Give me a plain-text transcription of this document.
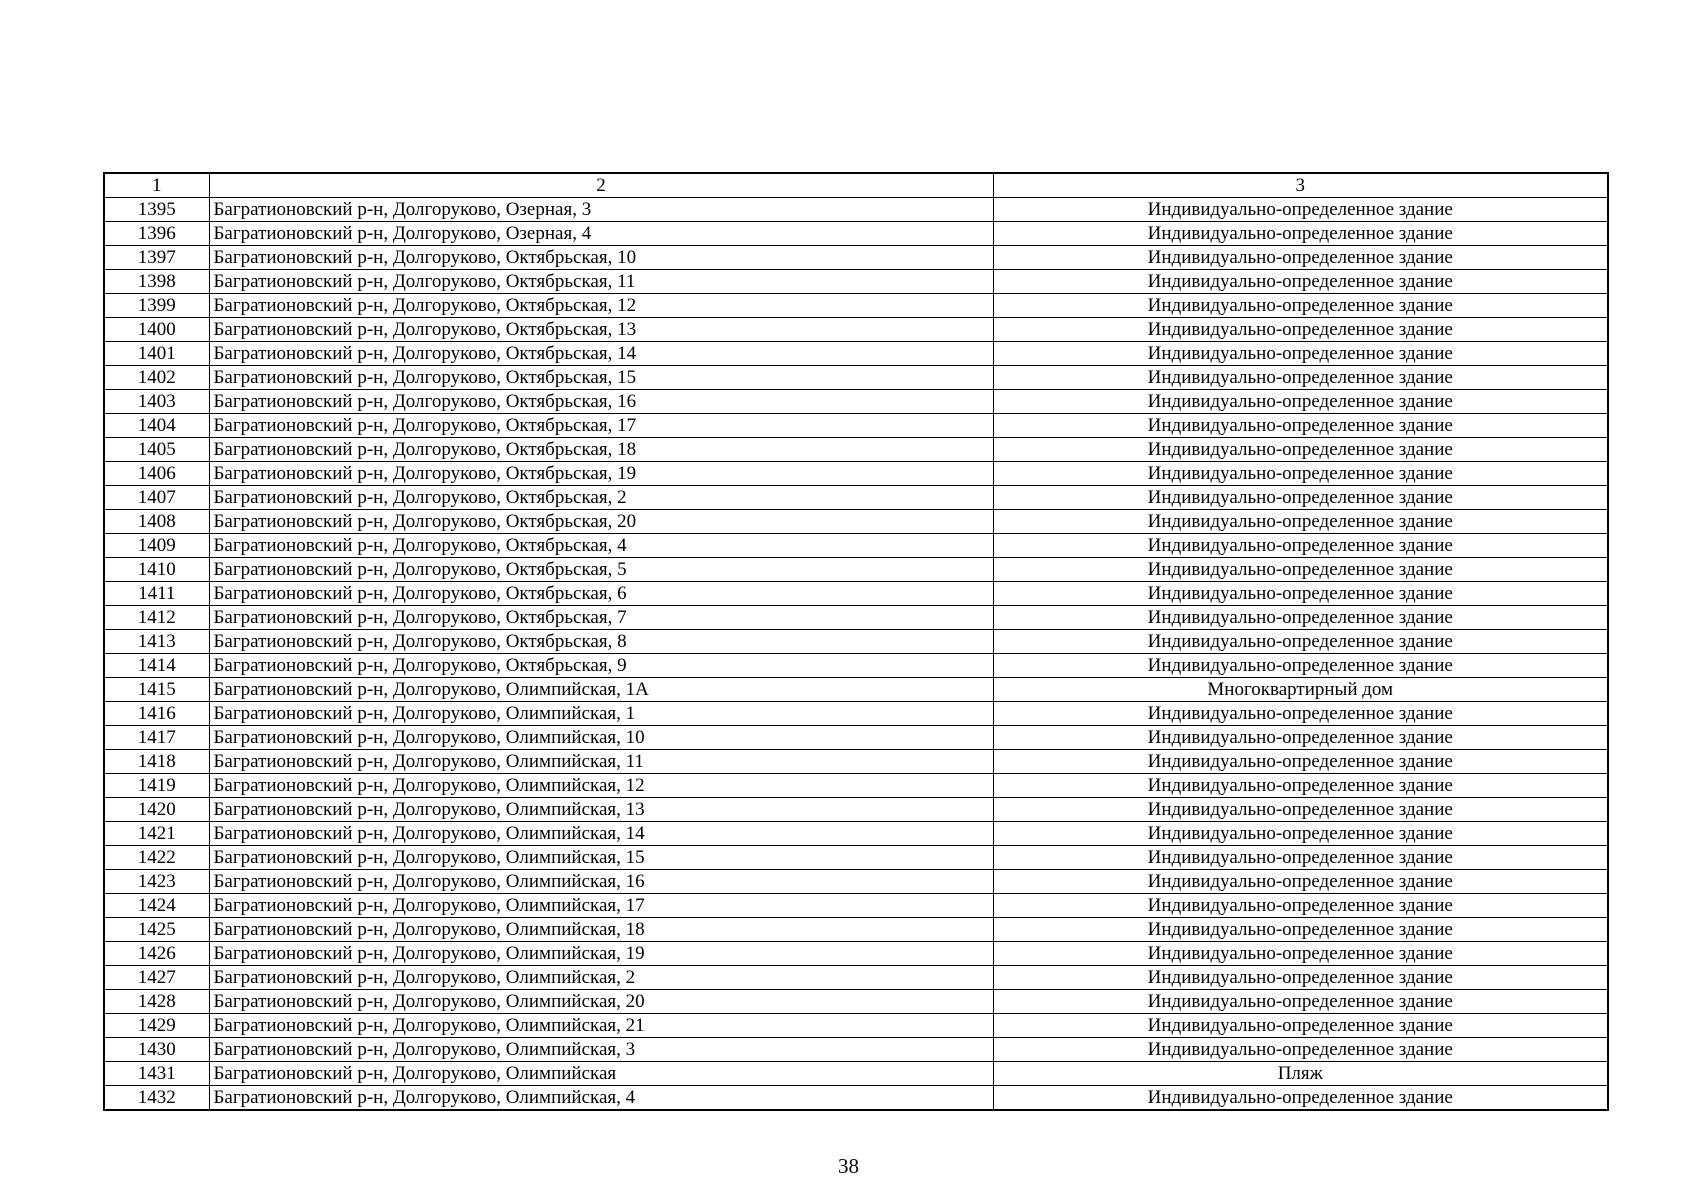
1	2	3
1395	Багратионовский р-н, Долгоруково, Озерная, 3	Индивидуально-определенное здание
1396	Багратионовский р-н, Долгоруково, Озерная, 4	Индивидуально-определенное здание
1397	Багратионовский р-н, Долгоруково, Октябрьская, 10	Индивидуально-определенное здание
1398	Багратионовский р-н, Долгоруково, Октябрьская, 11	Индивидуально-определенное здание
1399	Багратионовский р-н, Долгоруково, Октябрьская, 12	Индивидуально-определенное здание
1400	Багратионовский р-н, Долгоруково, Октябрьская, 13	Индивидуально-определенное здание
1401	Багратионовский р-н, Долгоруково, Октябрьская, 14	Индивидуально-определенное здание
1402	Багратионовский р-н, Долгоруково, Октябрьская, 15	Индивидуально-определенное здание
1403	Багратионовский р-н, Долгоруково, Октябрьская, 16	Индивидуально-определенное здание
1404	Багратионовский р-н, Долгоруково, Октябрьская, 17	Индивидуально-определенное здание
1405	Багратионовский р-н, Долгоруково, Октябрьская, 18	Индивидуально-определенное здание
1406	Багратионовский р-н, Долгоруково, Октябрьская, 19	Индивидуально-определенное здание
1407	Багратионовский р-н, Долгоруково, Октябрьская, 2	Индивидуально-определенное здание
1408	Багратионовский р-н, Долгоруково, Октябрьская, 20	Индивидуально-определенное здание
1409	Багратионовский р-н, Долгоруково, Октябрьская, 4	Индивидуально-определенное здание
1410	Багратионовский р-н, Долгоруково, Октябрьская, 5	Индивидуально-определенное здание
1411	Багратионовский р-н, Долгоруково, Октябрьская, 6	Индивидуально-определенное здание
1412	Багратионовский р-н, Долгоруково, Октябрьская, 7	Индивидуально-определенное здание
1413	Багратионовский р-н, Долгоруково, Октябрьская, 8	Индивидуально-определенное здание
1414	Багратионовский р-н, Долгоруково, Октябрьская, 9	Индивидуально-определенное здание
1415	Багратионовский р-н, Долгоруково, Олимпийская, 1А	Многоквартирный дом
1416	Багратионовский р-н, Долгоруково, Олимпийская, 1	Индивидуально-определенное здание
1417	Багратионовский р-н, Долгоруково, Олимпийская, 10	Индивидуально-определенное здание
1418	Багратионовский р-н, Долгоруково, Олимпийская, 11	Индивидуально-определенное здание
1419	Багратионовский р-н, Долгоруково, Олимпийская, 12	Индивидуально-определенное здание
1420	Багратионовский р-н, Долгоруково, Олимпийская, 13	Индивидуально-определенное здание
1421	Багратионовский р-н, Долгоруково, Олимпийская, 14	Индивидуально-определенное здание
1422	Багратионовский р-н, Долгоруково, Олимпийская, 15	Индивидуально-определенное здание
1423	Багратионовский р-н, Долгоруково, Олимпийская, 16	Индивидуально-определенное здание
1424	Багратионовский р-н, Долгоруково, Олимпийская, 17	Индивидуально-определенное здание
1425	Багратионовский р-н, Долгоруково, Олимпийская, 18	Индивидуально-определенное здание
1426	Багратионовский р-н, Долгоруково, Олимпийская, 19	Индивидуально-определенное здание
1427	Багратионовский р-н, Долгоруково, Олимпийская, 2	Индивидуально-определенное здание
1428	Багратионовский р-н, Долгоруково, Олимпийская, 20	Индивидуально-определенное здание
1429	Багратионовский р-н, Долгоруково, Олимпийская, 21	Индивидуально-определенное здание
1430	Багратионовский р-н, Долгоруково, Олимпийская, 3	Индивидуально-определенное здание
1431	Багратионовский р-н, Долгоруково, Олимпийская	Пляж
1432	Багратионовский р-н, Долгоруково, Олимпийская, 4	Индивидуально-определенное здание
38
